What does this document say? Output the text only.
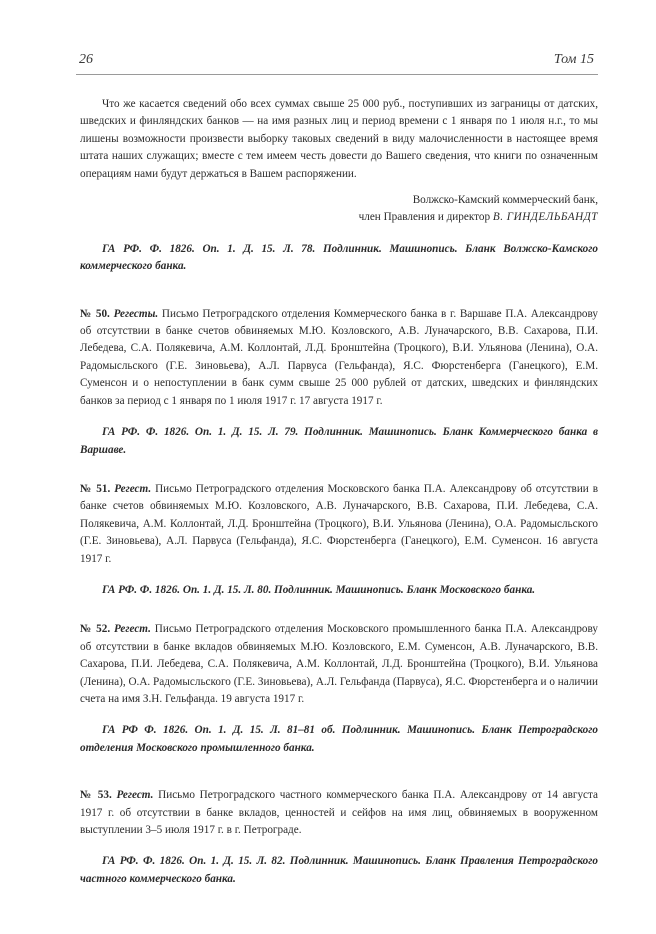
26	Том 15

Что же касается сведений обо всех суммах свыше 25 000 руб., поступивших из заграницы от датских, шведских и финляндских банков — на имя разных лиц и период времени с 1 января по 1 июля н.г., то мы лишены возможности произвести выборку таковых сведений в виду малочисленности в настоящее время штата наших служащих; вместе с тем имеем честь довести до Вашего сведения, что книги по означенным операциям нами будут держаться в Вашем распоряжении.

Волжско-Камский коммерческий банк,
член Правления и директор В. ГИНДЕЛЬБАНДТ

ГА РФ. Ф. 1826. Оп. 1. Д. 15. Л. 78. Подлинник. Машинопись. Бланк Волжско-Камского коммерческого банка.

№ 50. Регесты. Письмо Петроградского отделения Коммерческого банка в г. Варшаве П.А. Александрову об отсутствии в банке счетов обвиняемых М.Ю. Козловского, А.В. Луначарского, В.В. Сахарова, П.И. Лебедева, С.А. Полякевича, А.М. Коллонтай, Л.Д. Бронштейна (Троцкого), В.И. Ульянова (Ленина), О.А. Радомысльского (Г.Е. Зиновьева), А.Л. Парвуса (Гельфанда), Я.С. Фюрстенберга (Ганецкого), Е.М. Суменсон и о непоступлении в банк сумм свыше 25 000 рублей от датских, шведских и финляндских банков за период с 1 января по 1 июля 1917 г. 17 августа 1917 г.

ГА РФ. Ф. 1826. Оп. 1. Д. 15. Л. 79. Подлинник. Машинопись. Бланк Коммерческого банка в Варшаве.

№ 51. Регест. Письмо Петроградского отделения Московского банка П.А. Александрову об отсутствии в банке счетов обвиняемых М.Ю. Козловского, А.В. Луначарского, В.В. Сахарова, П.И. Лебедева, С.А. Полякевича, А.М. Коллонтай, Л.Д. Бронштейна (Троцкого), В.И. Ульянова (Ленина), О.А. Радомысльского (Г.Е. Зиновьева), А.Л. Парвуса (Гельфанда), Я.С. Фюрстенберга (Ганецкого), Е.М. Суменсон. 16 августа 1917 г.

ГА РФ. Ф. 1826. Оп. 1. Д. 15. Л. 80. Подлинник. Машинопись. Бланк Московского банка.

№ 52. Регест. Письмо Петроградского отделения Московского промышленного банка П.А. Александрову об отсутствии в банке вкладов обвиняемых М.Ю. Козловского, Е.М. Суменсон, А.В. Луначарского, В.В. Сахарова, П.И. Лебедева, С.А. Полякевича, А.М. Коллонтай, Л.Д. Бронштейна (Троцкого), В.И. Ульянова (Ленина), О.А. Радомысльского (Г.Е. Зиновьева), А.Л. Гельфанда (Парвуса), Я.С. Фюрстенберга и о наличии счета на имя З.Н. Гельфанда. 19 августа 1917 г.

ГА РФ Ф. 1826. Оп. 1. Д. 15. Л. 81–81 об. Подлинник. Машинопись. Бланк Петроградского отделения Московского промышленного банка.

№ 53. Регест. Письмо Петроградского частного коммерческого банка П.А. Александрову от 14 августа 1917 г. об отсутствии в банке вкладов, ценностей и сейфов на имя лиц, обвиняемых в вооруженном выступлении 3–5 июля 1917 г. в г. Петрограде.

ГА РФ. Ф. 1826. Оп. 1. Д. 15. Л. 82. Подлинник. Машинопись. Бланк Правления Петроградского частного коммерческого банка.
